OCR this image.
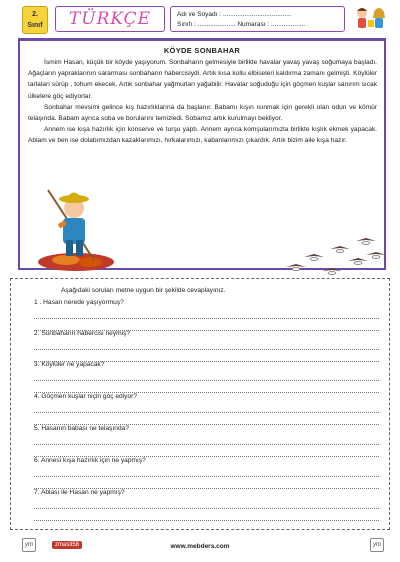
2.
Sınıf	TÜRKÇE	Adı ve Soyadı : ......................................
Sınıfı : ..................... Numarası : ...................
KÖYDE SONBAHAR

İsmim Hasan, küçük bir köyde yaşıyorum. Sonbaharın gelmesiyle birlikte havalar yavaş yavaş soğumaya başladı. Ağaçların yapraklarının sararması sonbaharın habercisiydi. Artık kısa kollu elbiseleri kaldırma zamanı gelmişti. Köylüler tarlaları sürüp , tohum ekecek. Artık sonbahar yağmurları yağabilir. Havalar soğuduğu için göçmen kuşlar sanırım sıcak ülkelere göç ediyorlar.

Sonbahar mevsimi gelince kış hazırlıklarına da başlanır. Babamı kışın ısınmak için gerekli olan odun ve kömür telaşında. Babam ayrıca soba ve borularını temizledi. Sobamız artık kurulmayı bekliyor.

Annem ise kışa hazırlık için konserve ve turşu yaptı. Annem ayrıca komşularımızla birlikte kışlık ekmek yapacak. Ablam ve ben ise dolabımızdan kazaklarımızı, hırkalarımızı, kabanlarımızı çıkardık. Artık bizim aile kışa hazır.

Aşağıdaki soruları metne uygun bir şekilde cevaplayınız.
1 . Hasan nerede yaşıyormuş?
2. Sonbaharın habercisi neymiş?
3. Köylüler ne yapacak?
4. Göçmen kuşlar niçin göç ediyor?
5. Hasanın babası ne telaşında?
6. Annesi kışa hazırlık için ne yapmış?
7. Ablası ile Hasan ne yapmış?
ym	zmasit58	www.mebders.com	ym
